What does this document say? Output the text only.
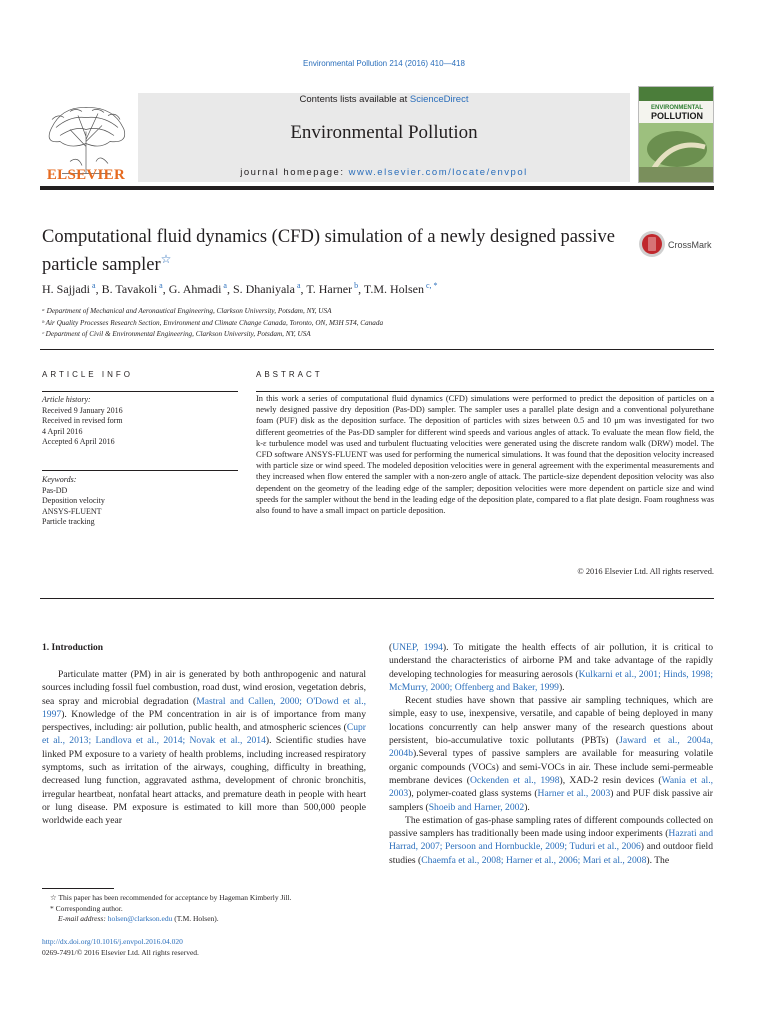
Environmental Pollution 214 (2016) 410—418
ELSEVIER
Contents lists available at ScienceDirect
Environmental Pollution
journal homepage: www.elsevier.com/locate/envpol
ENVIRONMENTAL
POLLUTION
Computational fluid dynamics (CFD) simulation of a newly designed passive particle sampler☆
CrossMark
H. Sajjadi $^a$, B. Tavakoli $^a$, G. Ahmadi $^a$, S. Dhaniyala $^a$, T. Harner $^b$, T.M. Holsen $^{c, *}$
ᵃ Department of Mechanical and Aeronautical Engineering, Clarkson University, Potsdam, NY, USA
ᵇ Air Quality Processes Research Section, Environment and Climate Change Canada, Toronto, ON, M3H 5T4, Canada
ᶜ Department of Civil & Environmental Engineering, Clarkson University, Potsdam, NY, USA
ARTICLE INFO	ABSTRACT
Article history:
Received 9 January 2016
Received in revised form
4 April 2016
Accepted 6 April 2016
Keywords:
Pas-DD
Deposition velocity
ANSYS-FLUENT
Particle tracking
In this work a series of computational fluid dynamics (CFD) simulations were performed to predict the deposition of particles on a newly designed passive dry deposition (Pas-DD) sampler. The sampler uses a parallel plate design and a conventional polyurethane foam (PUF) disk as the deposition surface. The deposition of particles with sizes between 0.5 and 10 μm was investigated for two different geometries of the Pas-DD sampler for different wind speeds and various angles of attack. To evaluate the mean flow field, the k-ε turbulence model was used and turbulent fluctuating velocities were generated using the discrete random walk (DRW) model. The CFD software ANSYS-FLUENT was used for performing the numerical simulations. It was found that the deposition velocity increased with particle size or wind speed. The modeled deposition velocities were in general agreement with the experimental measurements and they increased when flow entered the sampler with a non-zero angle of attack. The particle-size dependent deposition velocity was also dependent on the geometry of the leading edge of the sampler; deposition velocities were more dependent on particle size and wind speeds for the sampler without the bend in the leading edge of the deposition plate, compared to a flat plate design. Foam roughness was also found to have a small impact on particle deposition.
© 2016 Elsevier Ltd. All rights reserved.
1. Introduction

Particulate matter (PM) in air is generated by both anthropogenic and natural sources including fossil fuel combustion, road dust, wind erosion, vegetation debris, sea spray and microbial degradation (Mastral and Callen, 2000; O'Dowd et al., 1997). Knowledge of the PM concentration in air is of importance from many perspectives, including: air pollution, public health, and atmospheric sciences (Cupr et al., 2013; Landlova et al., 2014; Novak et al., 2014). Scientific studies have linked PM exposure to a variety of health problems, including increased respiratory symptoms, such as irritation of the airways, coughing, difficulty in breathing, decreased lung function, aggravated asthma, development of chronic bronchitis, irregular heartbeat, nonfatal heart attacks, and premature death in people with heart or lung disease. PM exposure is estimated to kill more than 500,000 people worldwide each year

(UNEP, 1994). To mitigate the health effects of air pollution, it is critical to understand the characteristics of airborne PM and take advantage of the rapidly developing technologies for measuring aerosols (Kulkarni et al., 2001; Hinds, 1998; McMurry, 2000; Offenberg and Baker, 1999).

Recent studies have shown that passive air sampling techniques, which are simple, easy to use, inexpensive, versatile, and capable of being deployed in many locations concurrently can help answer many of the research questions about persistent, bio-accumulative toxic pollutants (PBTs) (Jaward et al., 2004a, 2004b).Several types of passive samplers are available for measuring volatile organic compounds (VOCs) and semi-VOCs in air. These include semi-permeable membrane devices (Ockenden et al., 1998), XAD-2 resin devices (Wania et al., 2003), polymer-coated glass systems (Harner et al., 2003) and PUF disk passive air samplers (Shoeib and Harner, 2002).

The estimation of gas-phase sampling rates of different compounds collected on passive samplers has traditionally been made using indoor experiments (Hazrati and Harrad, 2007; Persoon and Hornbuckle, 2009; Tuduri et al., 2006) and outdoor field studies (Chaemfa et al., 2008; Harner et al., 2006; Mari et al., 2008). The

☆ This paper has been recommended for acceptance by Hageman Kimberly Jill.
* Corresponding author.
E-mail address: holsen@clarkson.edu (T.M. Holsen).
http://dx.doi.org/10.1016/j.envpol.2016.04.020
0269-7491/© 2016 Elsevier Ltd. All rights reserved.
